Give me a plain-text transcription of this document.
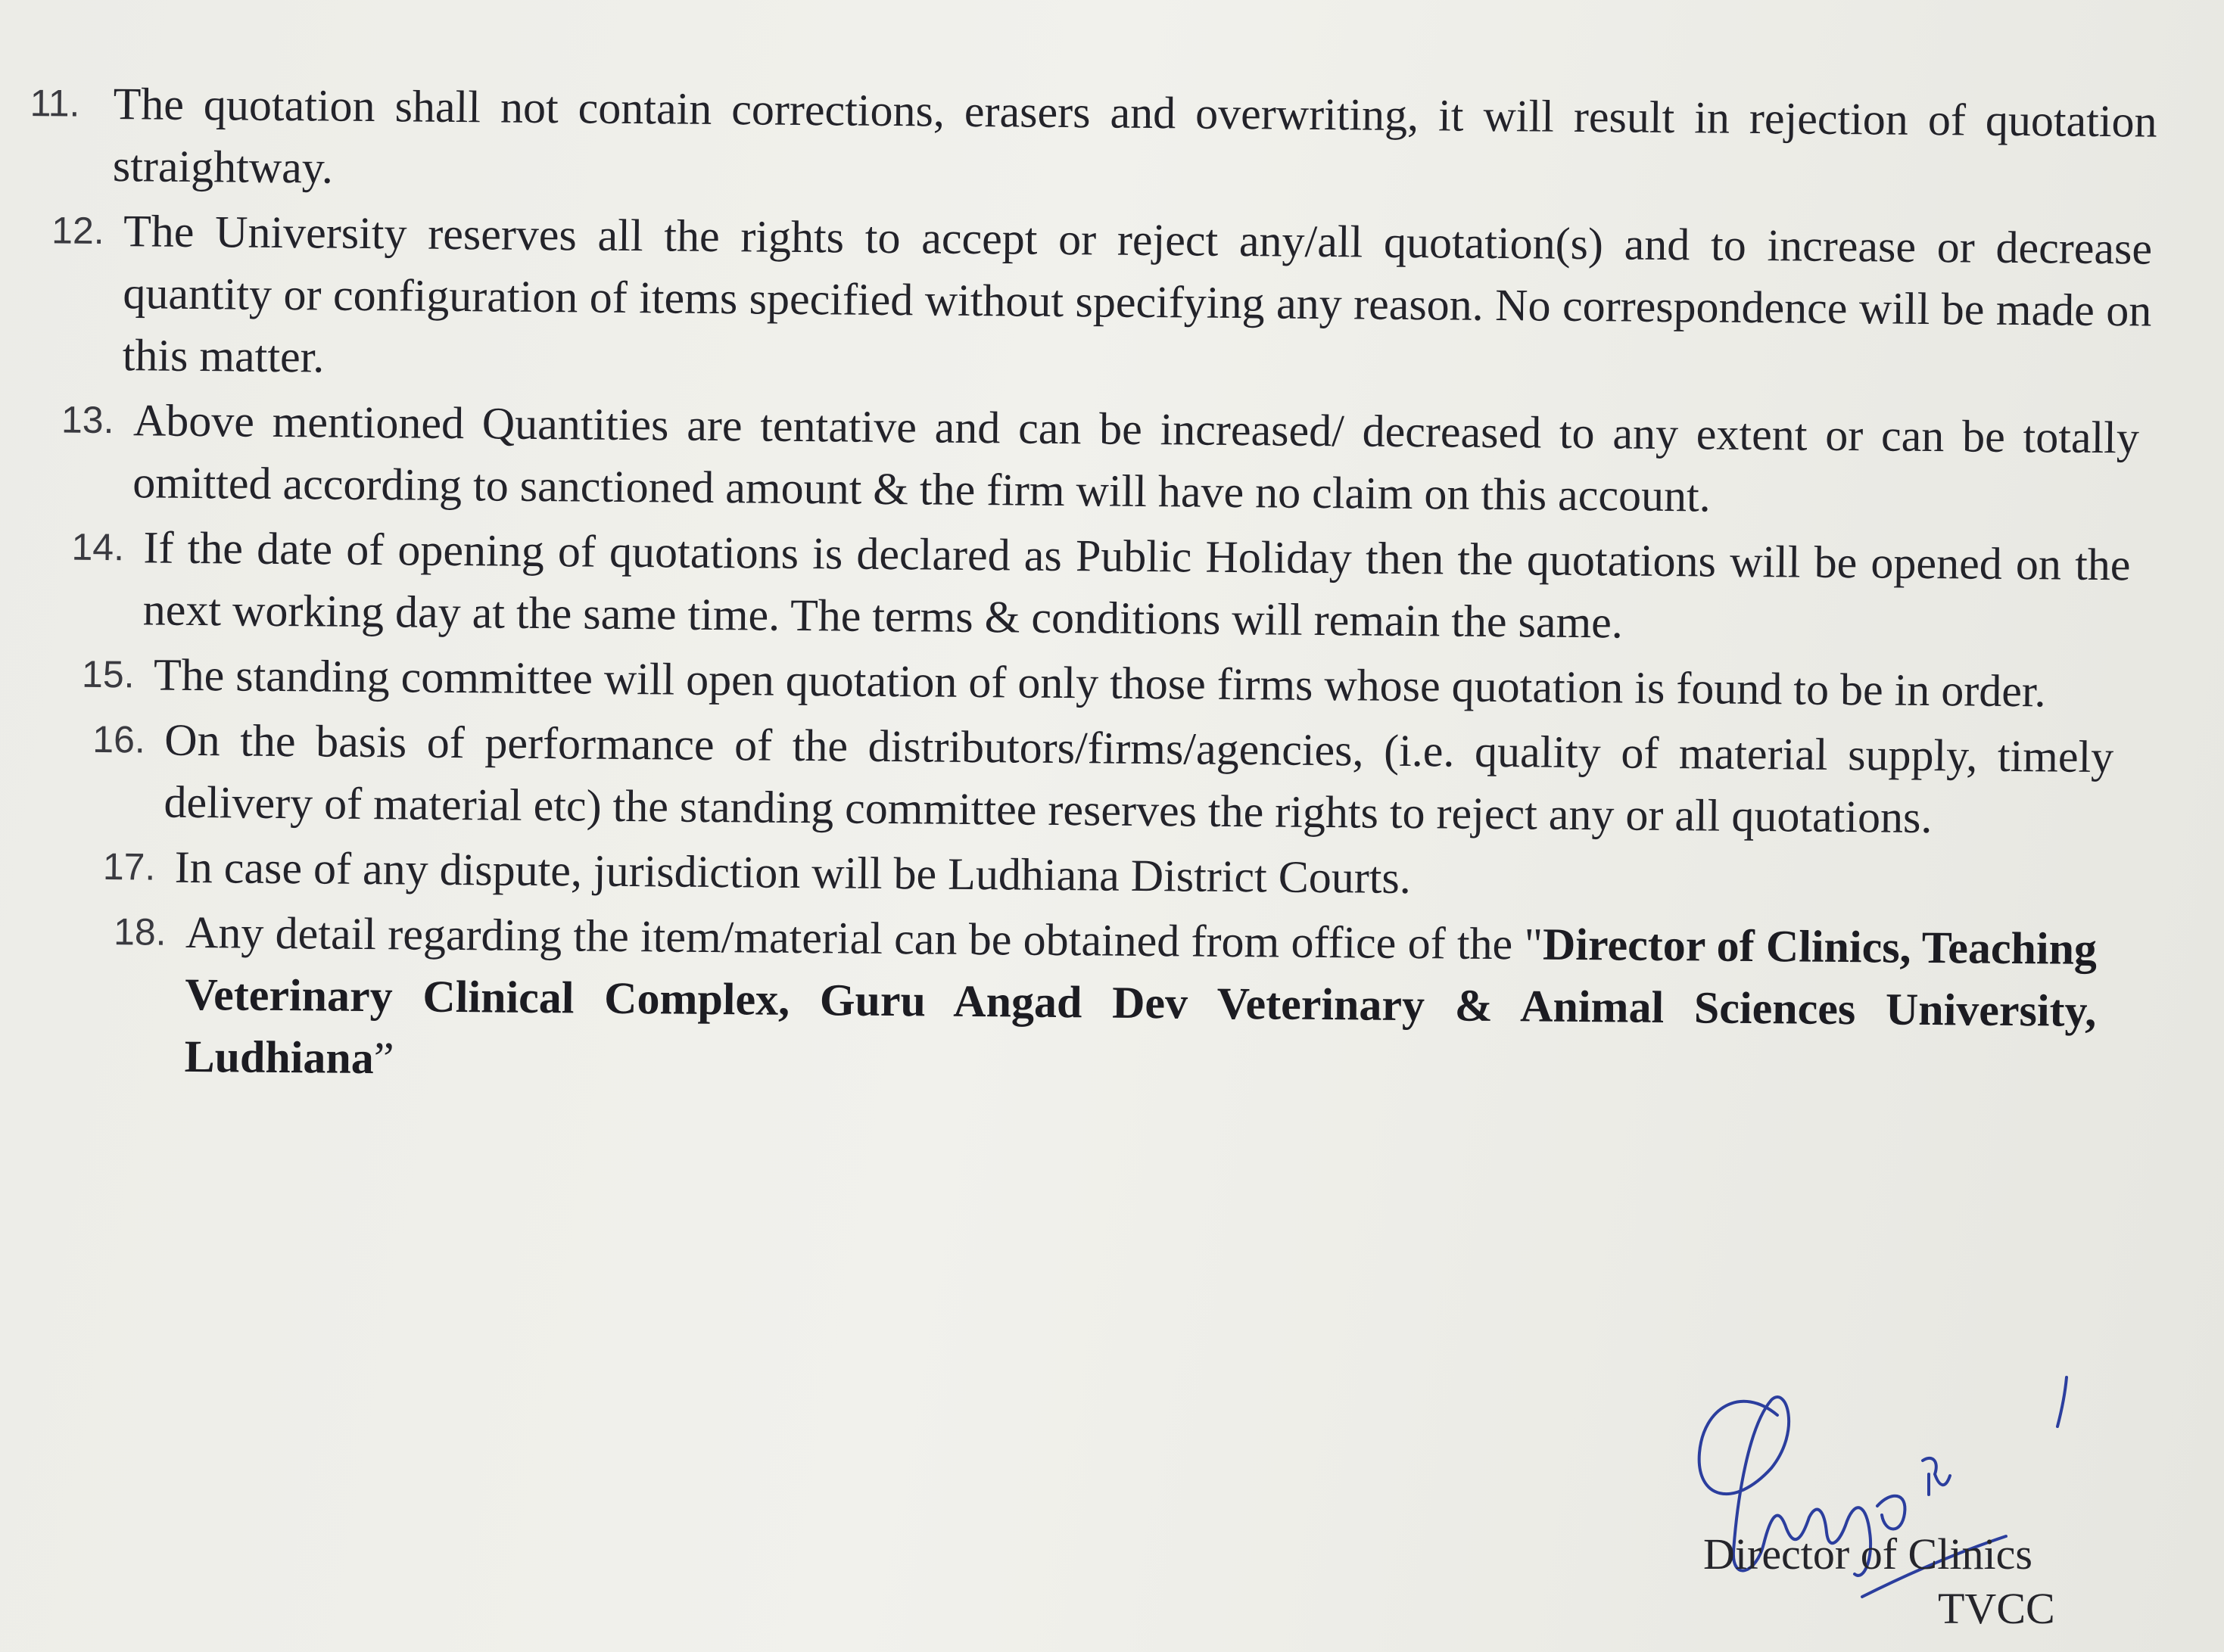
11. The quotation shall not contain corrections, erasers and overwriting, it will result in rejection of quotation straightway.
12. The University reserves all the rights to accept or reject any/all quotation(s) and to increase or decrease quantity or configuration of items specified without specifying any reason. No correspondence will be made on this matter.
13. Above mentioned Quantities are tentative and can be increased/ decreased to any extent or can be totally omitted according to sanctioned amount & the firm will have no claim on this account.
14. If the date of opening of quotations is declared as Public Holiday then the quotations will be opened on the next working day at the same time. The terms & conditions will remain the same.
15. The standing committee will open quotation of only those firms whose quotation is found to be in order.
16. On the basis of performance of the distributors/firms/agencies, (i.e. quality of material supply, timely delivery of material etc) the standing committee reserves the rights to reject any or all quotations.
17. In case of any dispute, jurisdiction will be Ludhiana District Courts.
18. Any detail regarding the item/material can be obtained from office of the "Director of Clinics, Teaching Veterinary Clinical Complex, Guru Angad Dev Veterinary & Animal Sciences University, Ludhiana”
Director of Clinics
TVCC
